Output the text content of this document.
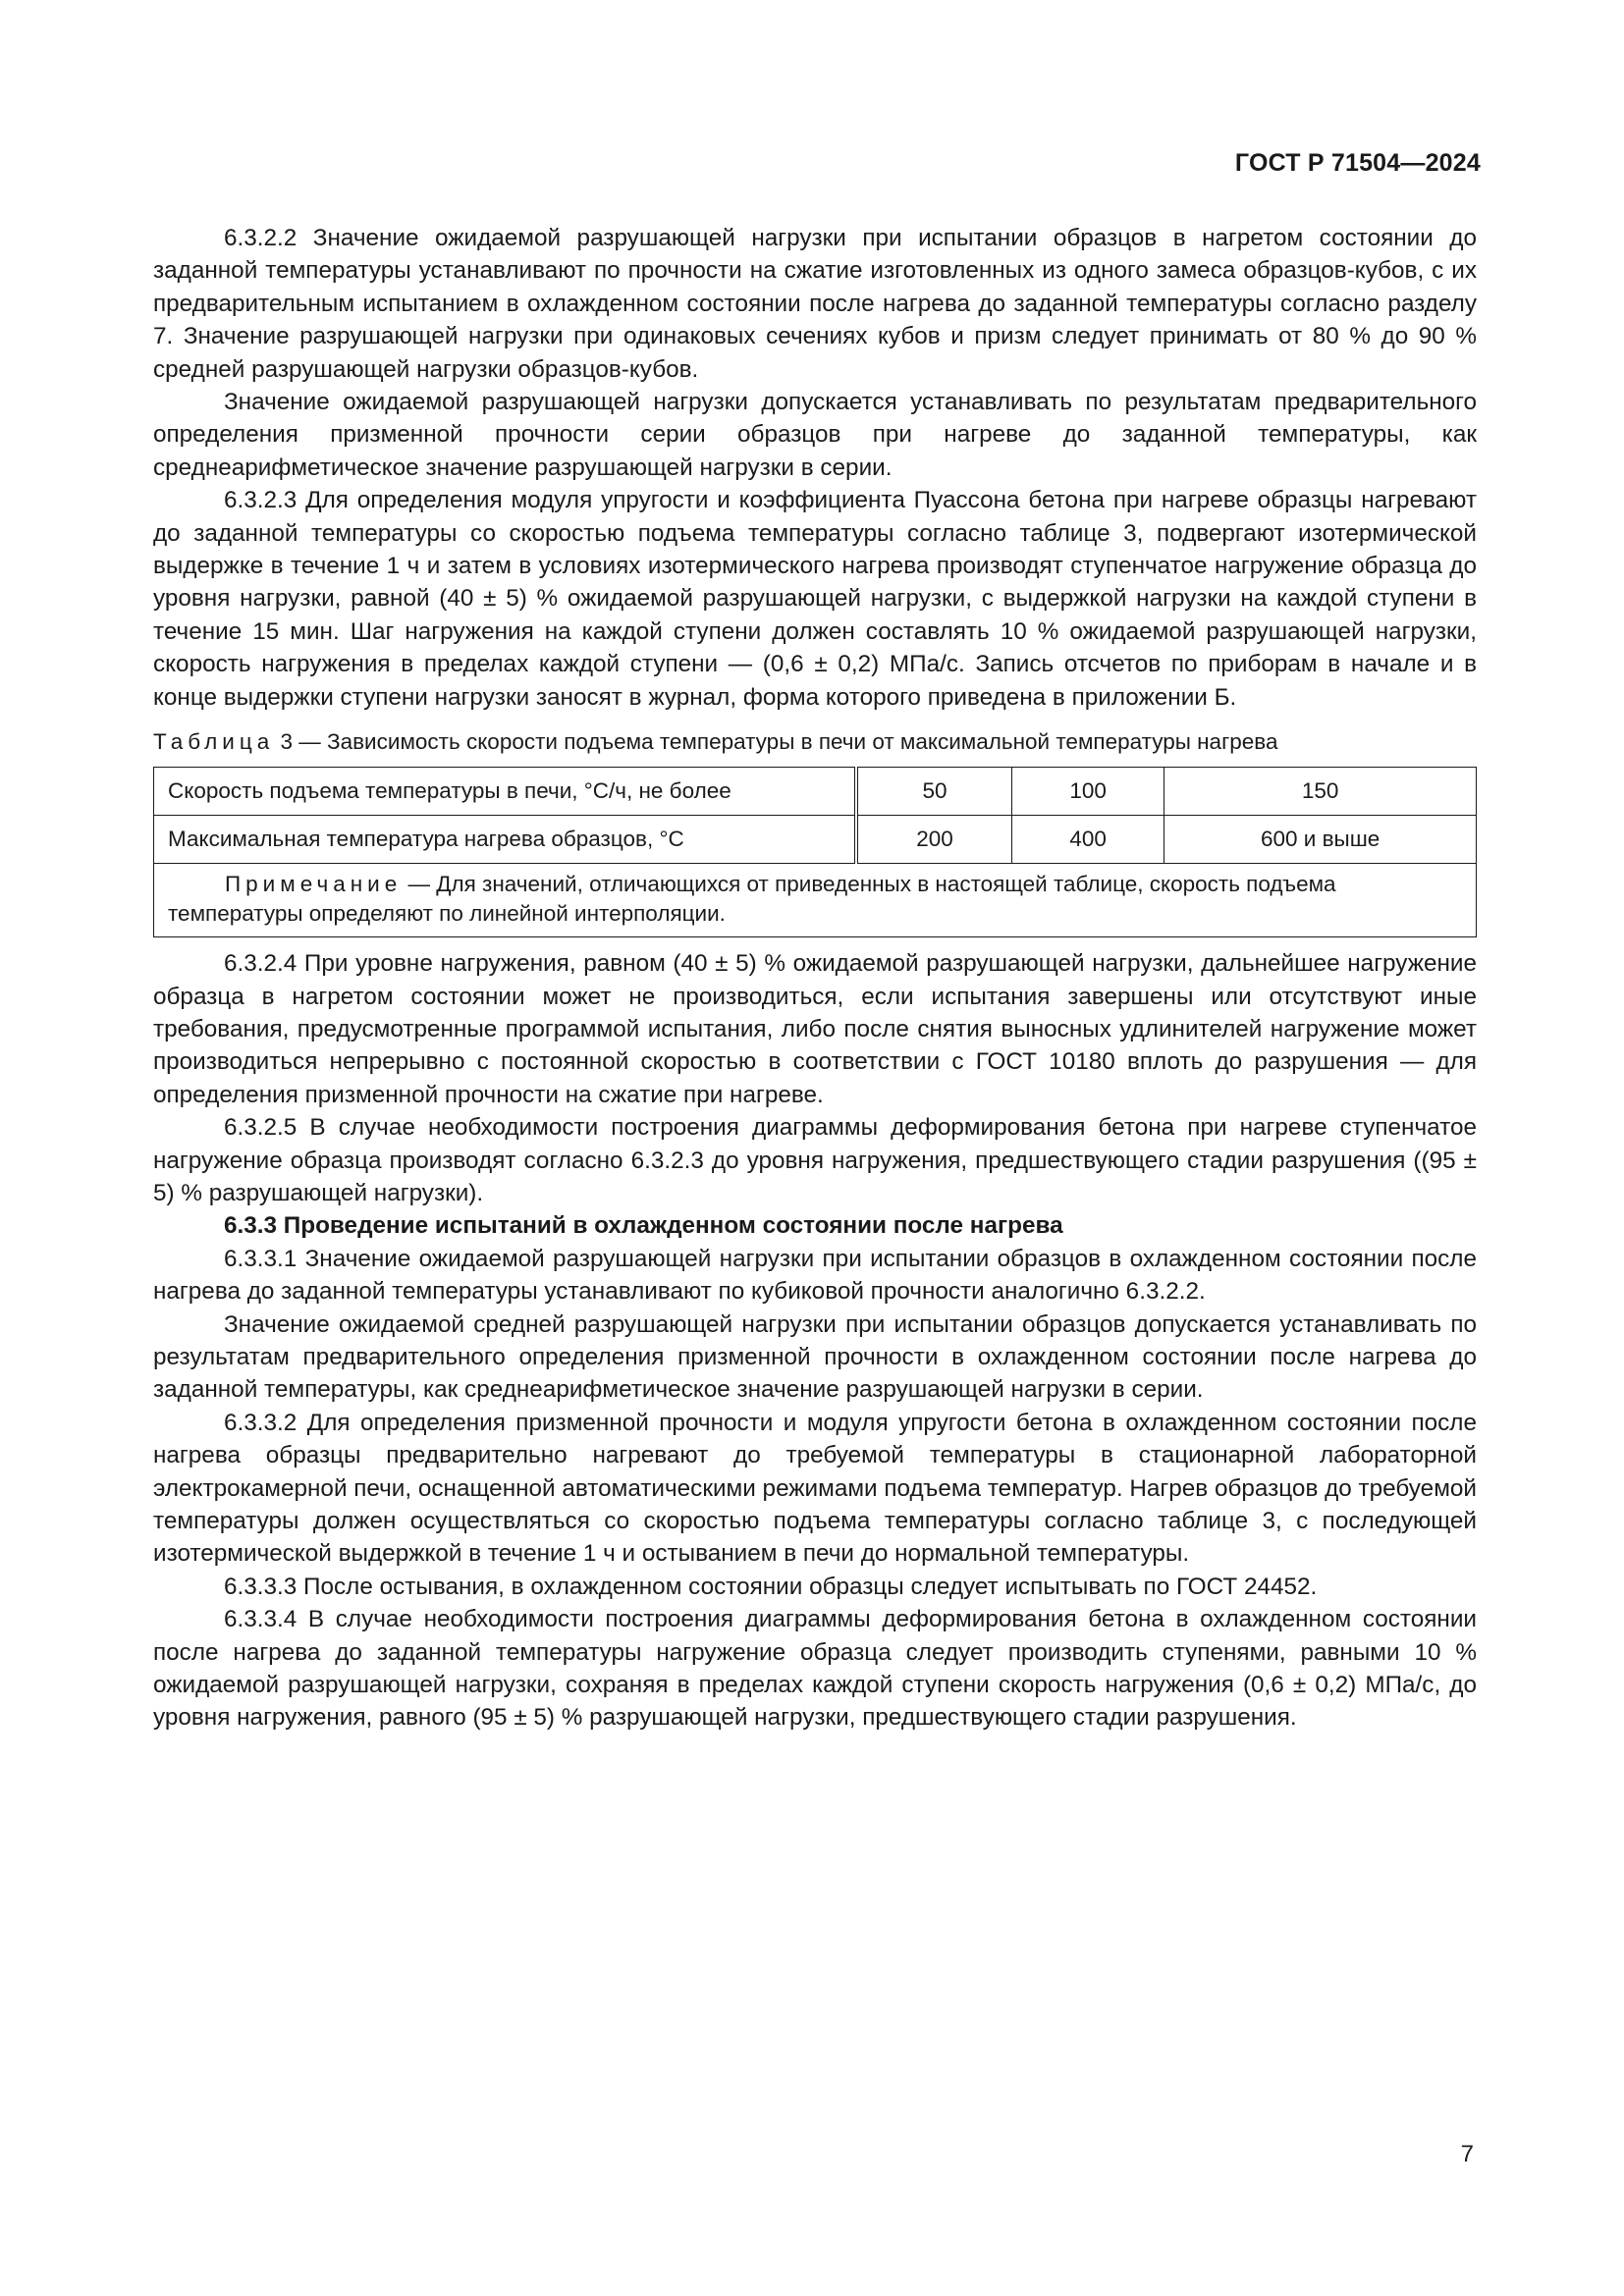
ГОСТ Р 71504—2024

6.3.2.2 Значение ожидаемой разрушающей нагрузки при испытании образцов в нагретом состоянии до заданной температуры устанавливают по прочности на сжатие изготовленных из одного замеса образцов-кубов, с их предварительным испытанием в охлажденном состоянии после нагрева до заданной температуры согласно разделу 7. Значение разрушающей нагрузки при одинаковых сечениях кубов и призм следует принимать от 80 % до 90 % средней разрушающей нагрузки образцов-кубов.

Значение ожидаемой разрушающей нагрузки допускается устанавливать по результатам предварительного определения призменной прочности серии образцов при нагреве до заданной температуры, как среднеарифметическое значение разрушающей нагрузки в серии.

6.3.2.3 Для определения модуля упругости и коэффициента Пуассона бетона при нагреве образцы нагревают до заданной температуры со скоростью подъема температуры согласно таблице 3, подвергают изотермической выдержке в течение 1 ч и затем в условиях изотермического нагрева производят ступенчатое нагружение образца до уровня нагрузки, равной (40 ± 5) % ожидаемой разрушающей нагрузки, с выдержкой нагрузки на каждой ступени в течение 15 мин. Шаг нагружения на каждой ступени должен составлять 10 % ожидаемой разрушающей нагрузки, скорость нагружения в пределах каждой ступени — (0,6 ± 0,2) МПа/с. Запись отсчетов по приборам в начале и в конце выдержки ступени нагрузки заносят в журнал, форма которого приведена в приложении Б.

Таблица 3 — Зависимость скорости подъема температуры в печи от максимальной температуры нагрева
Скорость подъема температуры в печи, °С/ч, не более	50	100	150
Максимальная температура нагрева образцов, °С	200	400	600 и выше
Примечание — Для значений, отличающихся от приведенных в настоящей таблице, скорость подъема температуры определяют по линейной интерполяции.			

6.3.2.4 При уровне нагружения, равном (40 ± 5) % ожидаемой разрушающей нагрузки, дальнейшее нагружение образца в нагретом состоянии может не производиться, если испытания завершены или отсутствуют иные требования, предусмотренные программой испытания, либо после снятия выносных удлинителей нагружение может производиться непрерывно с постоянной скоростью в соответствии с ГОСТ 10180 вплоть до разрушения — для определения призменной прочности на сжатие при нагреве.

6.3.2.5 В случае необходимости построения диаграммы деформирования бетона при нагреве ступенчатое нагружение образца производят согласно 6.3.2.3 до уровня нагружения, предшествующего стадии разрушения ((95 ± 5) % разрушающей нагрузки).

6.3.3 Проведение испытаний в охлажденном состоянии после нагрева

6.3.3.1 Значение ожидаемой разрушающей нагрузки при испытании образцов в охлажденном состоянии после нагрева до заданной температуры устанавливают по кубиковой прочности аналогично 6.3.2.2.

Значение ожидаемой средней разрушающей нагрузки при испытании образцов допускается устанавливать по результатам предварительного определения призменной прочности в охлажденном состоянии после нагрева до заданной температуры, как среднеарифметическое значение разрушающей нагрузки в серии.

6.3.3.2 Для определения призменной прочности и модуля упругости бетона в охлажденном состоянии после нагрева образцы предварительно нагревают до требуемой температуры в стационарной лабораторной электрокамерной печи, оснащенной автоматическими режимами подъема температур. Нагрев образцов до требуемой температуры должен осуществляться со скоростью подъема температуры согласно таблице 3, с последующей изотермической выдержкой в течение 1 ч и остыванием в печи до нормальной температуры.

6.3.3.3 После остывания, в охлажденном состоянии образцы следует испытывать по ГОСТ 24452.

6.3.3.4 В случае необходимости построения диаграммы деформирования бетона в охлажденном состоянии после нагрева до заданной температуры нагружение образца следует производить ступенями, равными 10 % ожидаемой разрушающей нагрузки, сохраняя в пределах каждой ступени скорость нагружения (0,6 ± 0,2) МПа/с, до уровня нагружения, равного (95 ± 5) % разрушающей нагрузки, предшествующего стадии разрушения.

7
